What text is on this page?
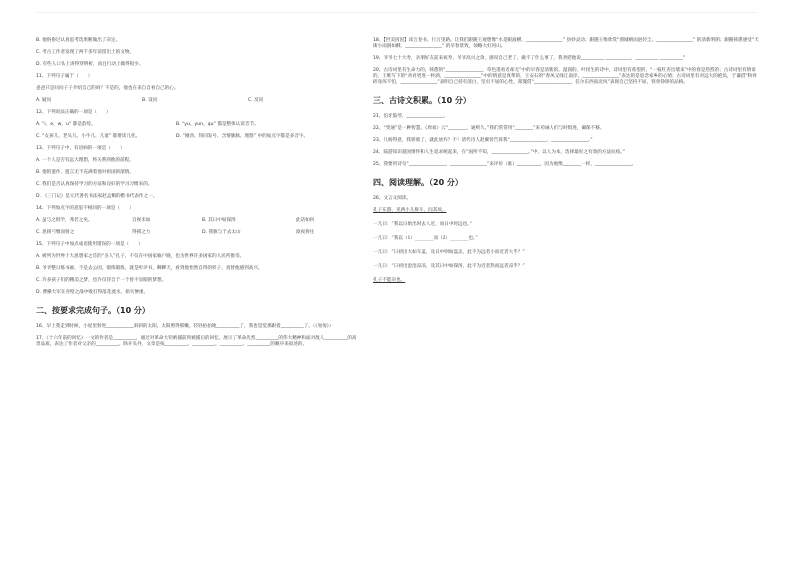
B. 他俗俗过认真思考选果断做出了决定。

C. 考古工作者发现了两千多年前留出土的文物。

D. 有些人口头上讲得穿明析，而且行动上做得很少。

11、下列句子属于（　　）

爸爸只是问问子子介绍自己的吗？不是的，他也在来自自看自己的心。

A. 疑问	B. 设问	C. 反问

12、下列说法正确的一项是（　　）

A. “i、e、w、u” 都是韵母。	B. “yu、yun、qu” 都是整体认读音节。
C. “女孩儿、老头儿、小牛儿、儿童” 都要读儿化。	D. “刚劲、钮同发号、含情脉脉、埋悠” 中的加点字都是多音字。

13、下列句子中，有语病的一项是（　　）

A. 一个人是否有远大理想，将关系到他的前程。

B. 他的遗作，遗言无不充满着他对祖国的深情。

C. 我们是否认真保持学习的方法和良好的学习习惯来的。

D. 《三门记》是元代著名书法家赵孟頫的楷书代表作之一。

14、下列加点字的意思不相同的一项是（　　）

A. 虽与之俱学，弗若之矣。	自视未如	B. 其日中如探汤	此话如何
C. 思援弓缴而射之	得援之力	D. 我孰与于去太山	欲夜将往

15、下列句子中加点成语使用错误的一项是（　　）

A. 被列为世界十大思想家之首的“圣人”孔子，不仅在中国家喻户晓，也为世界许多国家的人民所推崇。

B. 爷爷整日练书画，不是去公园，锻炼锻炼，就是听评书，聊聊天，看到他怡然自得的样子，真替他感到高兴。

C. 许多孩子们的精美之梦，也许仅待自于一个曾不显眼的梦想。

D. 曹操大军在赤壁之战中败打得落花流水，损失惨重。

二、按要求完成句子。（10 分）

16、早上我走到时候，小屋里射进____________斜斜的太阳，太阳照得那嫩，轻轻拍拍地__________了，我也觉觉那跟着__________了。（《匆匆》）

17、《十六年前的回忆》一文的作者是__________，通过对革命大钊被捕前到被捕后的回忆，展示了革命先烈__________的伟大精神和面对敌人__________的高贵品质，表达了作者对父亲的__________。除开头外，文章是按__________、__________、__________、__________的顺序来叙述的。

18、【世美因因】读万卷书，行万里路。让我们跟随王观想像“水是眼波横，________________” 县妙灵动；跟随王维欣赏“渭城朝雨浥轻尘，________________” 的清新明朗；跟随韩愈感受“天街小雨润如酥，________________” 的早春景致，领略大好河山。

19、爷爷七十大寿，亲朋好友前来祝寿，爷爷高兴之余，感叹自己老了，做不了什么事了，我劝慰他说__________ ___________，__________ __________”

20、古诗词里有生命力的，韩愈的“________________，草色遥看近却无”中的早春是清新的、湿润的、叶扭生的诗中，诗词里有希望的，“一枝红杏出墙来”中的春是热烈的；古诗词里有情谊的，王维写下的“劝君更进一杯酒，________________”中的情意是真挚的，王安石的“春风又绿江南岸，________________”表达的是思念家乡的心情；古诗词里有对远大的抱负，于谦借“粉骨碎身浑不怕，________________”表明自己持有清白，坚贞不屈的心性，郑燮借“________________，任尔东西南北风”表现自己坚持不屈、铁骨铮铮的品格。

三、古诗文积累。（10 分）

21、伯牙鼓琴，________________。

22、“变通”是一种智慧。《周易》云“________，通则久。”我们常常用“________”来劝诫人们与时俱进，确保不移。

23、几杨得意，我骄骑了，就此放弃？不！清代诗人赵翼曾告诉我“________________，________________。”

24、陆游知识爱国情怀和人生追求统起来，在“国所不知，________________。”中，以人为本，选择最好之有效的方法抗疫。”

25、我要用诗句“________________，________________”来评价（谁）__________，因为他像________一样，________________。

四、阅读理解。（20 分）

26、文言文阅读。

孔子东游，见两小儿辩斗，问其故。

一儿曰：“我以日始出时去人近，而日中时远也。”

一儿曰：“我以（1）________而（2）________也。”

一儿曰：“日初出大如车盖，及日中则如盘盂，此不为远者小而近者大乎？”

一儿曰：“日初出沧沧凉凉，及其日中如探汤，此不为近者热而远者凉乎？”

孔子不能决也。
